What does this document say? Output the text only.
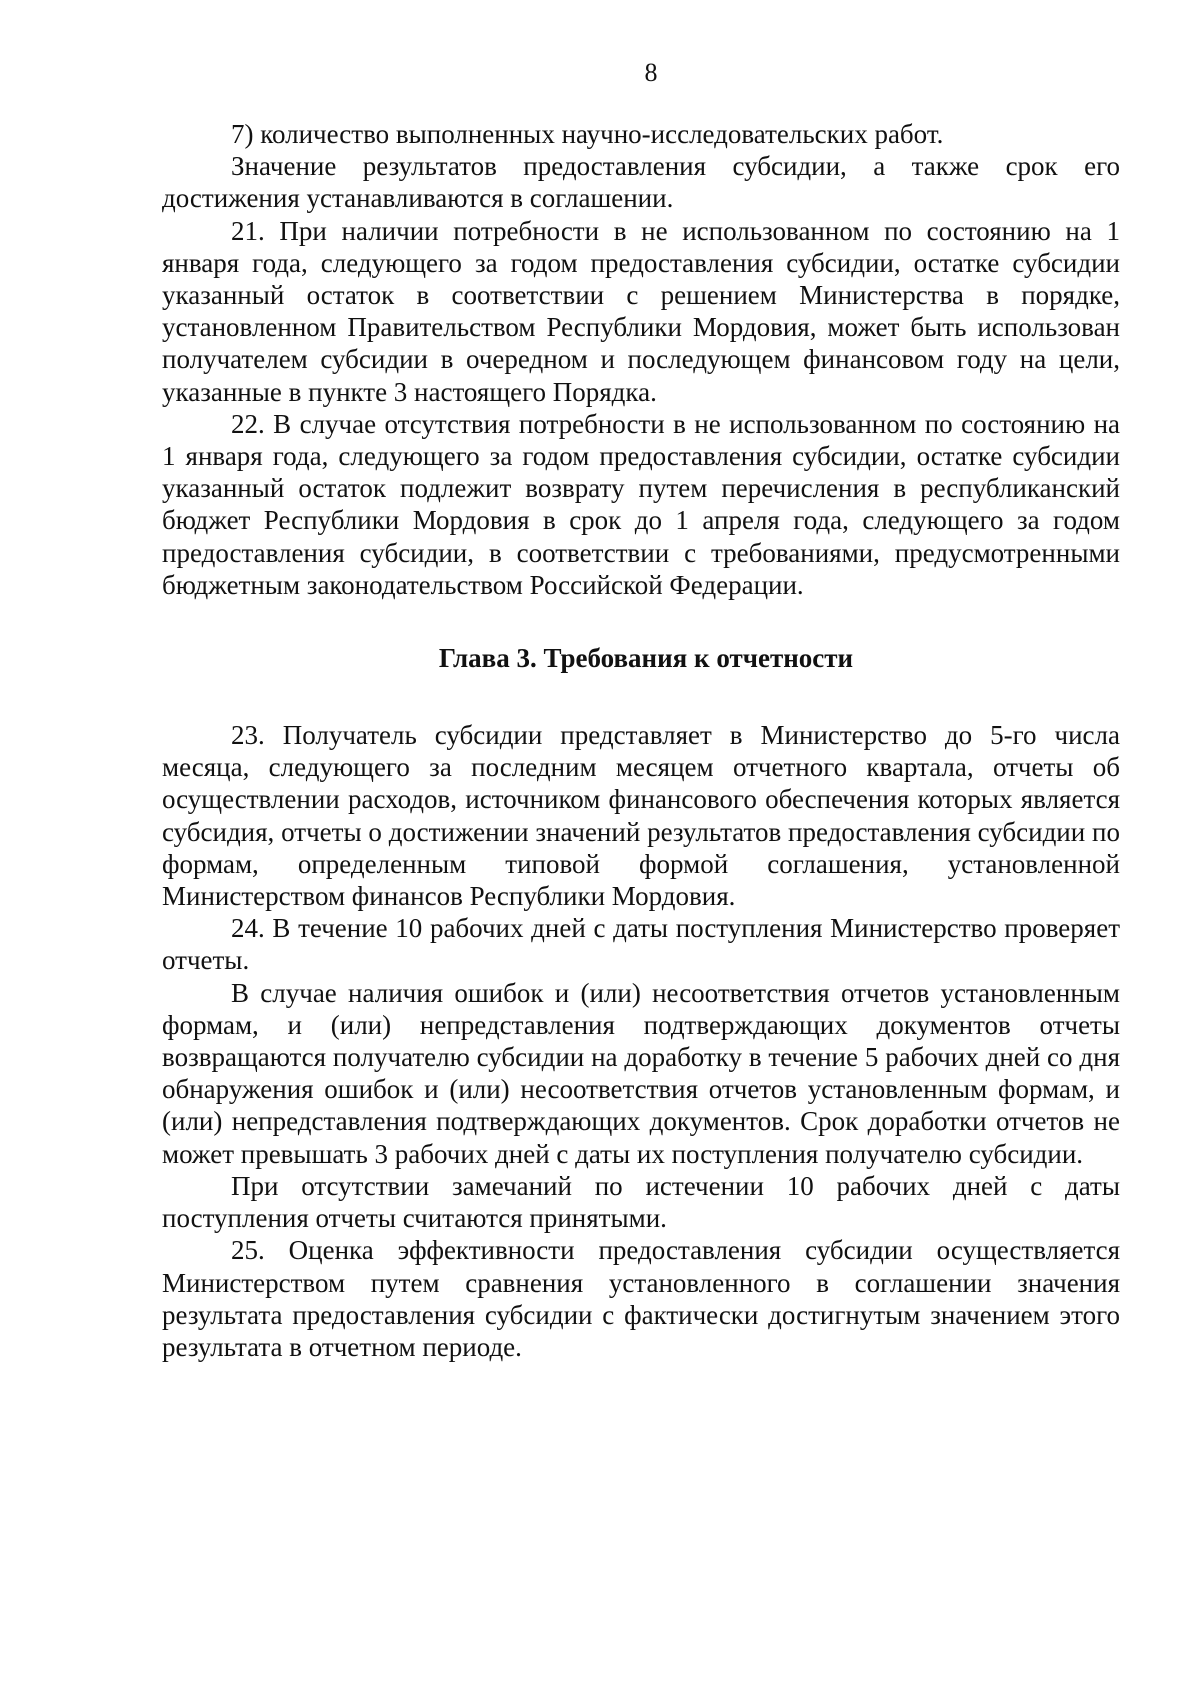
8

7) количество выполненных научно-исследовательских работ.

Значение результатов предоставления субсидии, а также срок его достижения устанавливаются в соглашении.

21. При наличии потребности в не использованном по состоянию на 1 января года, следующего за годом предоставления субсидии, остатке субсидии указанный остаток в соответствии с решением Министерства в порядке, установленном Правительством Республики Мордовия, может быть использован получателем субсидии в очередном и последующем финансовом году на цели, указанные в пункте 3 настоящего Порядка.

22. В случае отсутствия потребности в не использованном по состоянию на 1 января года, следующего за годом предоставления субсидии, остатке субсидии указанный остаток подлежит возврату путем перечисления в республиканский бюджет Республики Мордовия в срок до 1 апреля года, следующего за годом предоставления субсидии, в соответствии с требованиями, предусмотренными бюджетным законодательством Российской Федерации.

Глава 3. Требования к отчетности

23. Получатель субсидии представляет в Министерство до 5-го числа месяца, следующего за последним месяцем отчетного квартала, отчеты об осуществлении расходов, источником финансового обеспечения которых является субсидия, отчеты о достижении значений результатов предоставления субсидии по формам, определенным типовой формой соглашения, установленной Министерством финансов Республики Мордовия.

24. В течение 10 рабочих дней с даты поступления Министерство проверяет отчеты.

В случае наличия ошибок и (или) несоответствия отчетов установленным формам, и (или) непредставления подтверждающих документов отчеты возвращаются получателю субсидии на доработку в течение 5 рабочих дней со дня обнаружения ошибок и (или) несоответствия отчетов установленным формам, и (или) непредставления подтверждающих документов. Срок доработки отчетов не может превышать 3 рабочих дней с даты их поступления получателю субсидии.

При отсутствии замечаний по истечении 10 рабочих дней с даты поступления отчеты считаются принятыми.

25. Оценка эффективности предоставления субсидии осуществляется Министерством путем сравнения установленного в соглашении значения результата предоставления субсидии с фактически достигнутым значением этого результата в отчетном периоде.
